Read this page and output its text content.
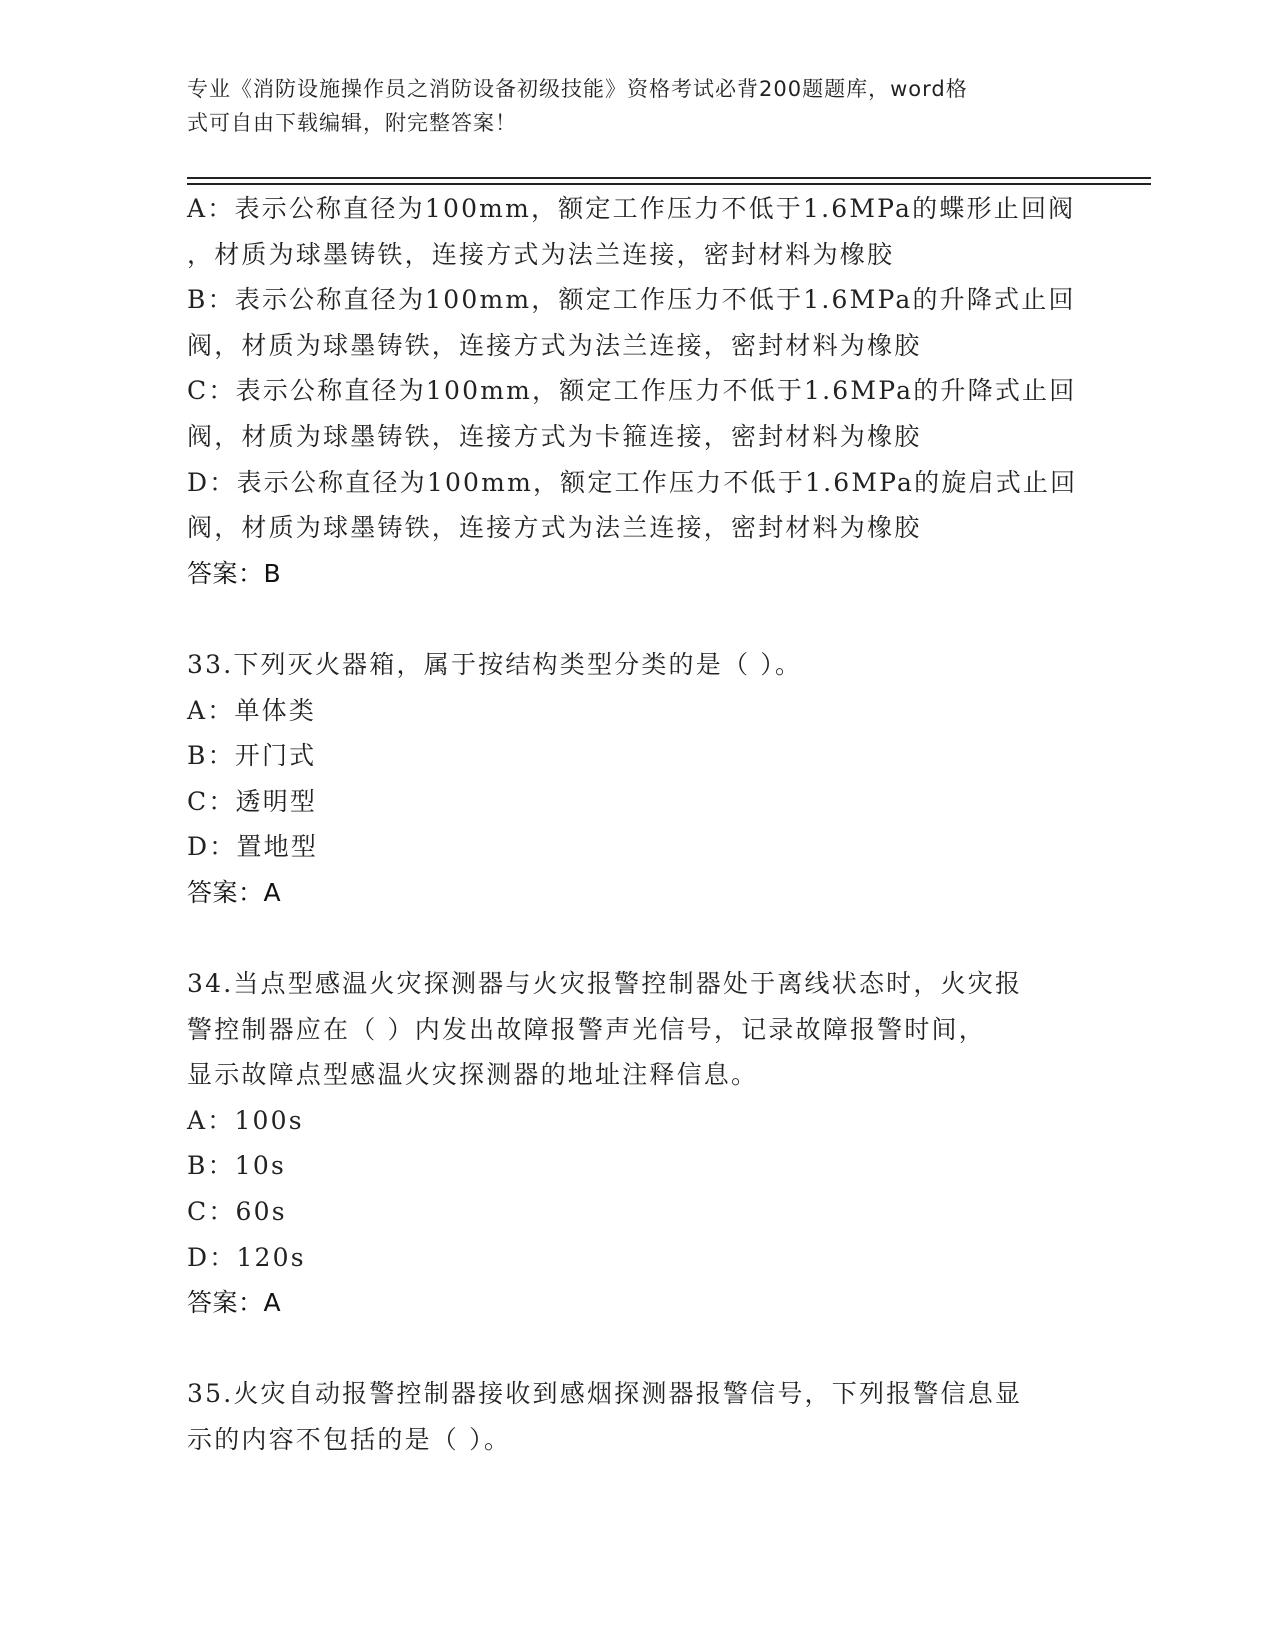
专业《消防设施操作员之消防设备初级技能》资格考试必背200题题库，word格
式可自由下载编辑，附完整答案！
A：表示公称直径为100mm，额定工作压力不低于1.6MPa的蝶形止回阀
，材质为球墨铸铁，连接方式为法兰连接，密封材料为橡胶
B：表示公称直径为100mm，额定工作压力不低于1.6MPa的升降式止回
阀，材质为球墨铸铁，连接方式为法兰连接，密封材料为橡胶
C：表示公称直径为100mm，额定工作压力不低于1.6MPa的升降式止回
阀，材质为球墨铸铁，连接方式为卡箍连接，密封材料为橡胶
D：表示公称直径为100mm，额定工作压力不低于1.6MPa的旋启式止回
阀，材质为球墨铸铁，连接方式为法兰连接，密封材料为橡胶
答案：B
33.下列灭火器箱，属于按结构类型分类的是（ ）。
A：单体类
B：开门式
C：透明型
D：置地型
答案：A
34.当点型感温火灾探测器与火灾报警控制器处于离线状态时，火灾报
警控制器应在（ ）内发出故障报警声光信号，记录故障报警时间，
显示故障点型感温火灾探测器的地址注释信息。
A：100s
B：10s
C：60s
D：120s
答案：A
35.火灾自动报警控制器接收到感烟探测器报警信号，下列报警信息显
示的内容不包括的是（ ）。
